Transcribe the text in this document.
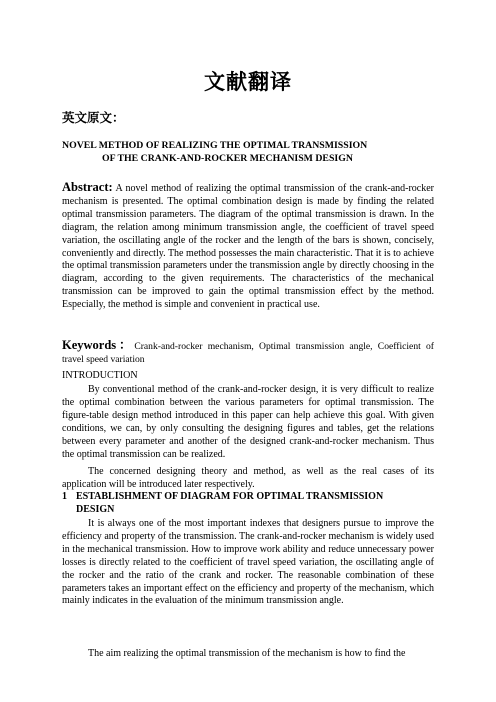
文献翻译
英文原文：
NOVEL METHOD OF REALIZING THE OPTIMAL TRANSMISSION
OF THE CRANK-AND-ROCKER MECHANISM DESIGN
Abstract: A novel method of realizing the optimal transmission of the crank-and-rocker mechanism is presented. The optimal combination design is made by finding the related optimal transmission parameters. The diagram of the optimal transmission is drawn. In the diagram, the relation among minimum transmission angle, the coefficient of travel speed variation, the oscillating angle of the rocker and the length of the bars is shown, concisely, conveniently and directly. The method possesses the main characteristic. That it is to achieve the optimal transmission parameters under the transmission angle by directly choosing in the diagram, according to the given requirements. The characteristics of the mechanical transmission can be improved to gain the optimal transmission effect by the method. Especially, the method is simple and convenient in practical use.
Keywords：Crank-and-rocker mechanism, Optimal transmission angle, Coefficient of travel speed variation
INTRODUCTION
By conventional method of the crank-and-rocker design, it is very difficult to realize the optimal combination between the various parameters for optimal transmission. The figure-table design method introduced in this paper can help achieve this goal. With given conditions, we can, by only consulting the designing figures and tables, get the relations between every parameter and another of the designed crank-and-rocker mechanism. Thus the optimal transmission can be realized.
The concerned designing theory and method, as well as the real cases of its application will be introduced later respectively.
1 ESTABLISHMENT OF DIAGRAM FOR OPTIMAL TRANSMISSION
DESIGN
It is always one of the most important indexes that designers pursue to improve the efficiency and property of the transmission. The crank-and-rocker mechanism is widely used in the mechanical transmission. How to improve work ability and reduce unnecessary power losses is directly related to the coefficient of travel speed variation, the oscillating angle of the rocker and the ratio of the crank and rocker. The reasonable combination of these parameters takes an important effect on the efficiency and property of the mechanism, which mainly indicates in the evaluation of the minimum transmission angle.
The aim realizing the optimal transmission of the mechanism is how to find the
